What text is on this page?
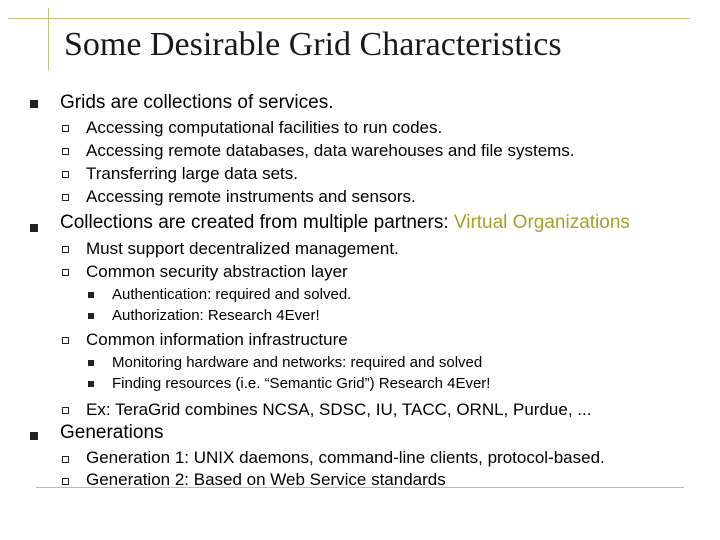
Some Desirable Grid Characteristics
Grids are collections of services.
Accessing computational facilities to run codes.
Accessing remote databases, data warehouses and file systems.
Transferring large data sets.
Accessing remote instruments and sensors.
Collections are created from multiple partners: Virtual Organizations
Must support decentralized management.
Common security abstraction layer
Authentication: required and solved.
Authorization: Research 4Ever!
Common information infrastructure
Monitoring hardware and networks: required and solved
Finding resources (i.e. “Semantic Grid”) Research 4Ever!
Ex: TeraGrid combines NCSA, SDSC, IU, TACC, ORNL, Purdue, ...
Generations
Generation 1: UNIX daemons, command-line clients, protocol-based.
Generation 2: Based on Web Service standards
